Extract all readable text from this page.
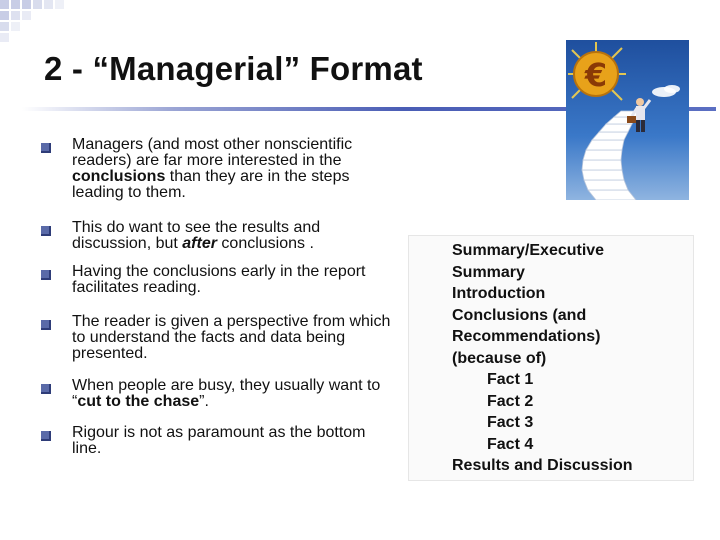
2 - “Managerial” Format
Managers (and most other nonscientific readers) are far more interested in the conclusions than they are in the steps leading to them.
This do want to see the results and discussion, but after conclusions .
Having the conclusions early in the report facilitates reading.
The reader is given a perspective from which to understand the facts and data being presented.
When people are busy, they usually want to “cut to the chase”.
Rigour is not as paramount as the bottom line.
€
Summary/Executive
Summary
Introduction
Conclusions (and
Recommendations)
(because of)
Fact 1
Fact 2
Fact 3
Fact 4
Results and Discussion
